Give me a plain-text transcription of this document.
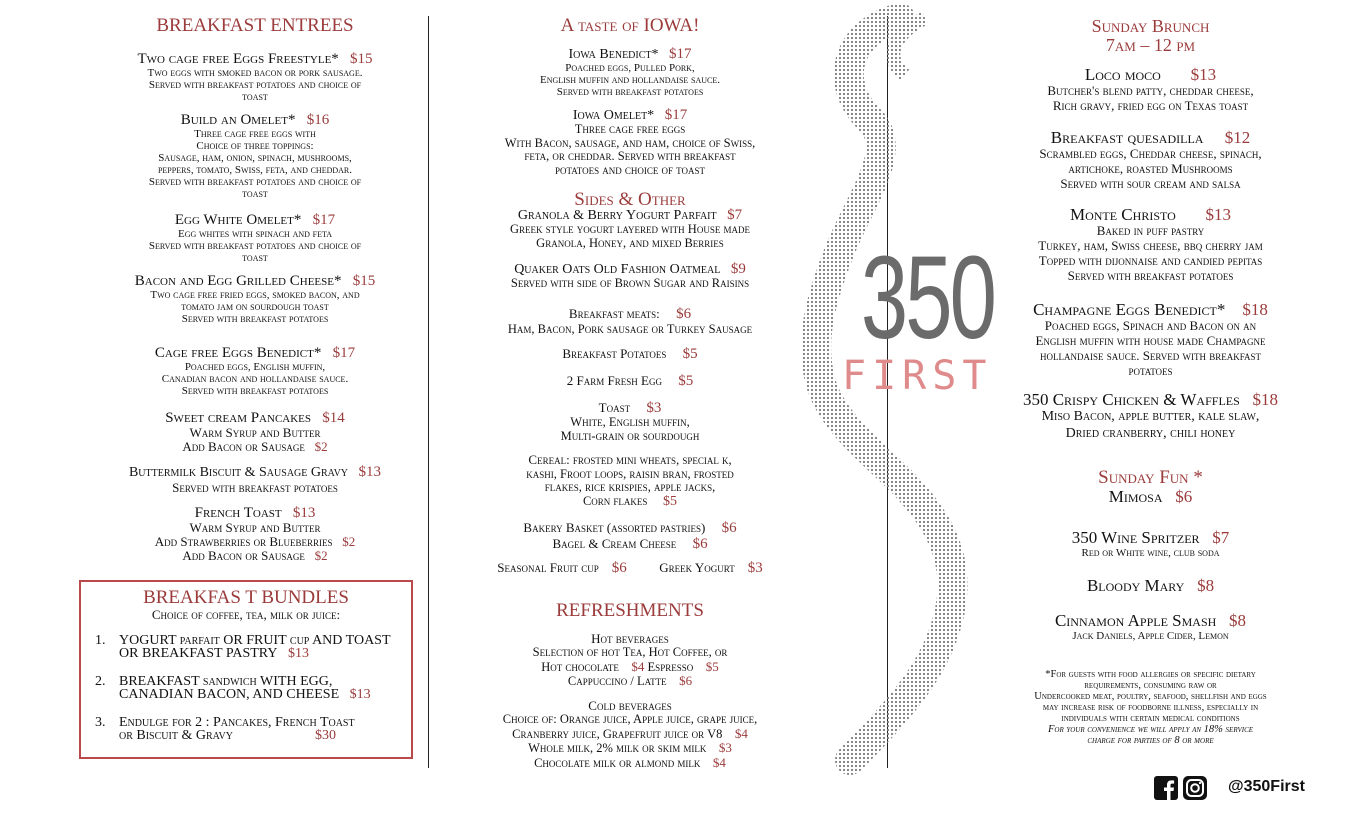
BREAKFAST ENTREES
Two cage free Eggs Freestyle* $15
Two eggs with smoked bacon or pork sausage.
Served with breakfast potatoes and choice of
toast
Build an Omelet* $16
Three cage free eggs with
Choice of three toppings:
Sausage, ham, onion, spinach, mushrooms,
peppers, tomato, Swiss, feta, and cheddar.
Served with breakfast potatoes and choice of
toast
Egg White Omelet* $17
Egg whites with spinach and feta
Served with breakfast potatoes and choice of
toast
Bacon and Egg Grilled Cheese* $15
Two cage free fried eggs, smoked bacon, and
tomato jam on sourdough toast
Served with breakfast potatoes
Cage free Eggs Benedict* $17
Poached eggs, English muffin,
Canadian bacon and hollandaise sauce.
Served with breakfast potatoes
Sweet cream Pancakes $14
Warm Syrup and Butter
Add Bacon or Sausage $2
Buttermilk Biscuit & Sausage Gravy $13
Served with breakfast potatoes
French Toast $13
Warm Syrup and Butter
Add Strawberries or Blueberries $2
Add Bacon or Sausage $2
BREAKFAS T BUNDLES
Choice of coffee, tea, milk or juice:
1. YOGURT parfait OR FRUIT cup AND TOAST
OR BREAKFAST PASTRY $13
2. BREAKFAST sandwich WITH EGG,
CANADIAN BACON, AND CHEESE $13
3. Endulge for 2 : Pancakes, French Toast
or Biscuit & Gravy	$30
A taste of IOWA!
Iowa Benedict* $17
Poached eggs, Pulled Pork,
English muffin and hollandaise sauce.
Served with breakfast potatoes
Iowa Omelet* $17
Three cage free eggs
With Bacon, sausage, and ham, choice of Swiss,
feta, or cheddar. Served with breakfast
potatoes and choice of toast
Sides & Other
Granola & Berry Yogurt Parfait $7
Greek style yogurt layered with House made
Granola, Honey, and mixed Berries
Quaker Oats Old Fashion Oatmeal $9
Served with side of Brown Sugar and Raisins
Breakfast meats: $6
Ham, Bacon, Pork sausage or Turkey Sausage
Breakfast Potatoes $5
2 Farm Fresh Egg $5
Toast $3
White, English muffin,
Multi-grain or sourdough
Cereal: frosted mini wheats, special k,
kashi, Froot loops, raisin bran, frosted
flakes, rice krispies, apple jacks,
Corn flakes $5
Bakery Basket (assorted pastries) $6
Bagel & Cream Cheese $6
Seasonal Fruit cup $6	Greek Yogurt $3
REFRESHMENTS
Hot beverages
Selection of hot Tea, Hot Coffee, or
Hot chocolate $4 Espresso $5
Cappuccino / Latte $6
Cold beverages
Choice of: Orange juice, Apple juice, grape juice,
Cranberry juice, Grapefruit juice or V8 $4
Whole milk, 2% milk or skim milk $3
Chocolate milk or almond milk $4
350
FIRST
Sunday Brunch
7am – 12 pm
Loco moco $13
Butcher's blend patty, cheddar cheese,
Rich gravy, fried egg on Texas toast
Breakfast quesadilla $12
Scrambled eggs, Cheddar cheese, spinach,
artichoke, roasted Mushrooms
Served with sour cream and salsa
Monte Christo $13
Baked in puff pastry
Turkey, ham, Swiss cheese, bbq cherry jam
Topped with dijonnaise and candied pepitas
Served with breakfast potatoes
Champagne Eggs Benedict* $18
Poached eggs, Spinach and Bacon on an
English muffin with house made Champagne
hollandaise sauce. Served with breakfast
potatoes
350 Crispy Chicken & Waffles $18
Miso Bacon, apple butter, kale slaw,
Dried cranberry, chili honey
Sunday Fun *
Mimosa $6
350 Wine Spritzer $7
Red or White wine, club soda
Bloody Mary $8
Cinnamon Apple Smash $8
Jack Daniels, Apple Cider, Lemon
*For guests with food allergies or specific dietary
requirements, consuming raw or
Undercooked meat, poultry, seafood, shellfish and eggs
may increase risk of foodborne illness, especially in
individuals with certain medical conditions
For your convenience we will apply an 18% service
charge for parties of 8 or more
@350First
